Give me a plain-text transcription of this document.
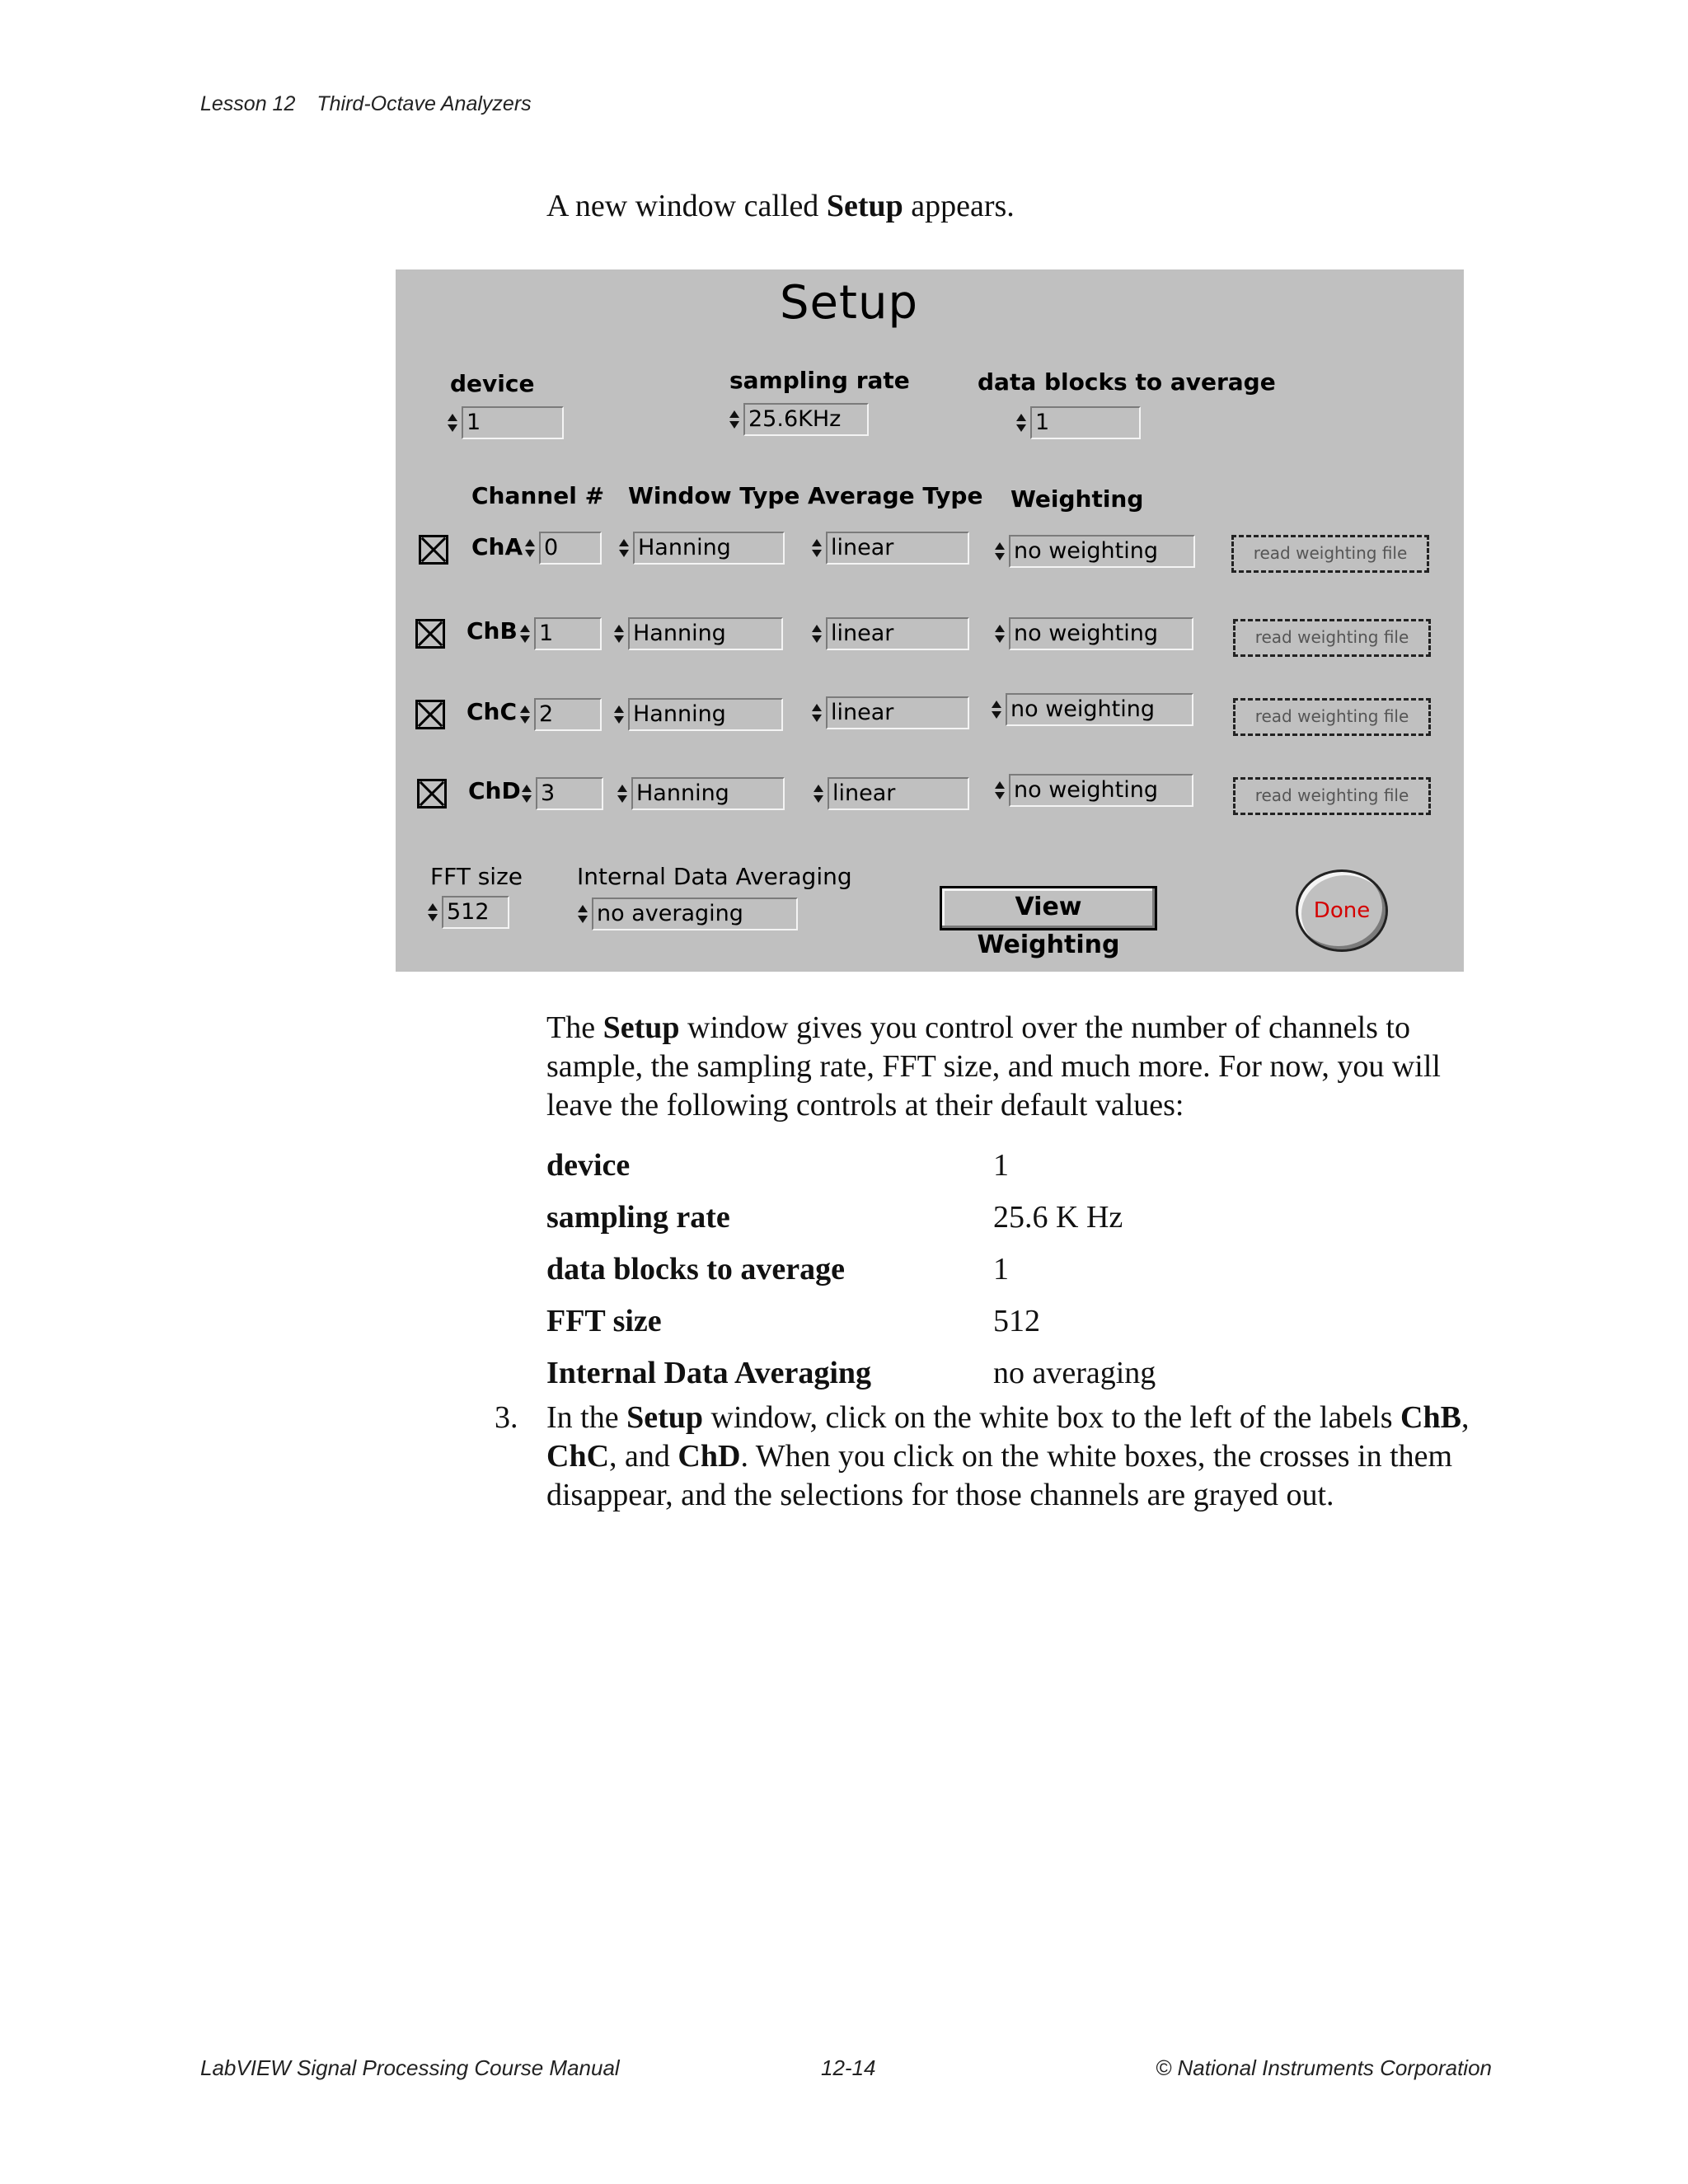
Lesson 12 Third-Octave Analyzers
A new window called Setup appears.
Setup
device
1
sampling rate
25.6KHz
data blocks to average
1
Channel # Window Type Average Type Weighting
ChA 0	Hanning	linear	no weighting	read weighting file
ChB 1	Hanning	linear	no weighting	read weighting file
ChC 2	Hanning	linear	no weighting	read weighting file
ChD 3	Hanning	linear	no weighting	read weighting file
FFT size
512
Internal Data Averaging
no averaging	View Weighting
Done
The Setup window gives you control over the number of channels to sample, the sampling rate, FFT size, and much more. For now, you will leave the following controls at their default values:
device	1
sampling rate	25.6 K Hz
data blocks to average	1
FFT size	512
Internal Data Averaging	no averaging
3. In the Setup window, click on the white box to the left of the labels ChB, ChC, and ChD. When you click on the white boxes, the crosses in them disappear, and the selections for those channels are grayed out.
LabVIEW Signal Processing Course Manual	12-14	© National Instruments Corporation
